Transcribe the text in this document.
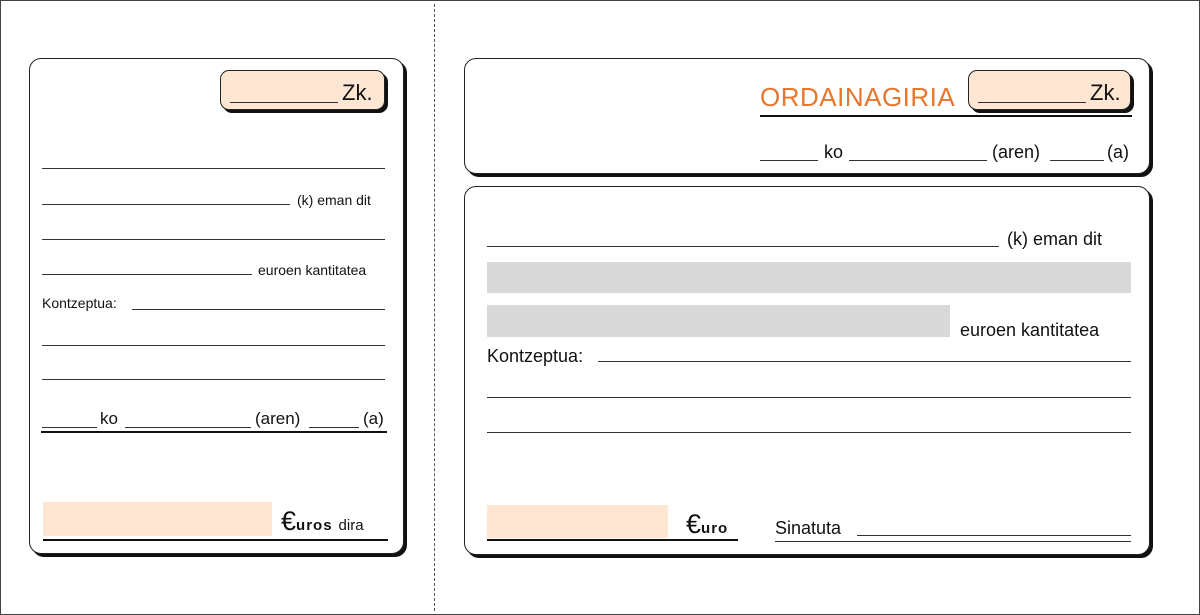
Zk.
(k) eman dit
euroen kantitatea
Kontzeptua:
ko	(aren)	(a)
€ uros dira
ORDAINAGIRIA	Zk.
ko	(aren)	(a)
(k) eman dit
euroen kantitatea
Kontzeptua:
€ uro	Sinatuta
